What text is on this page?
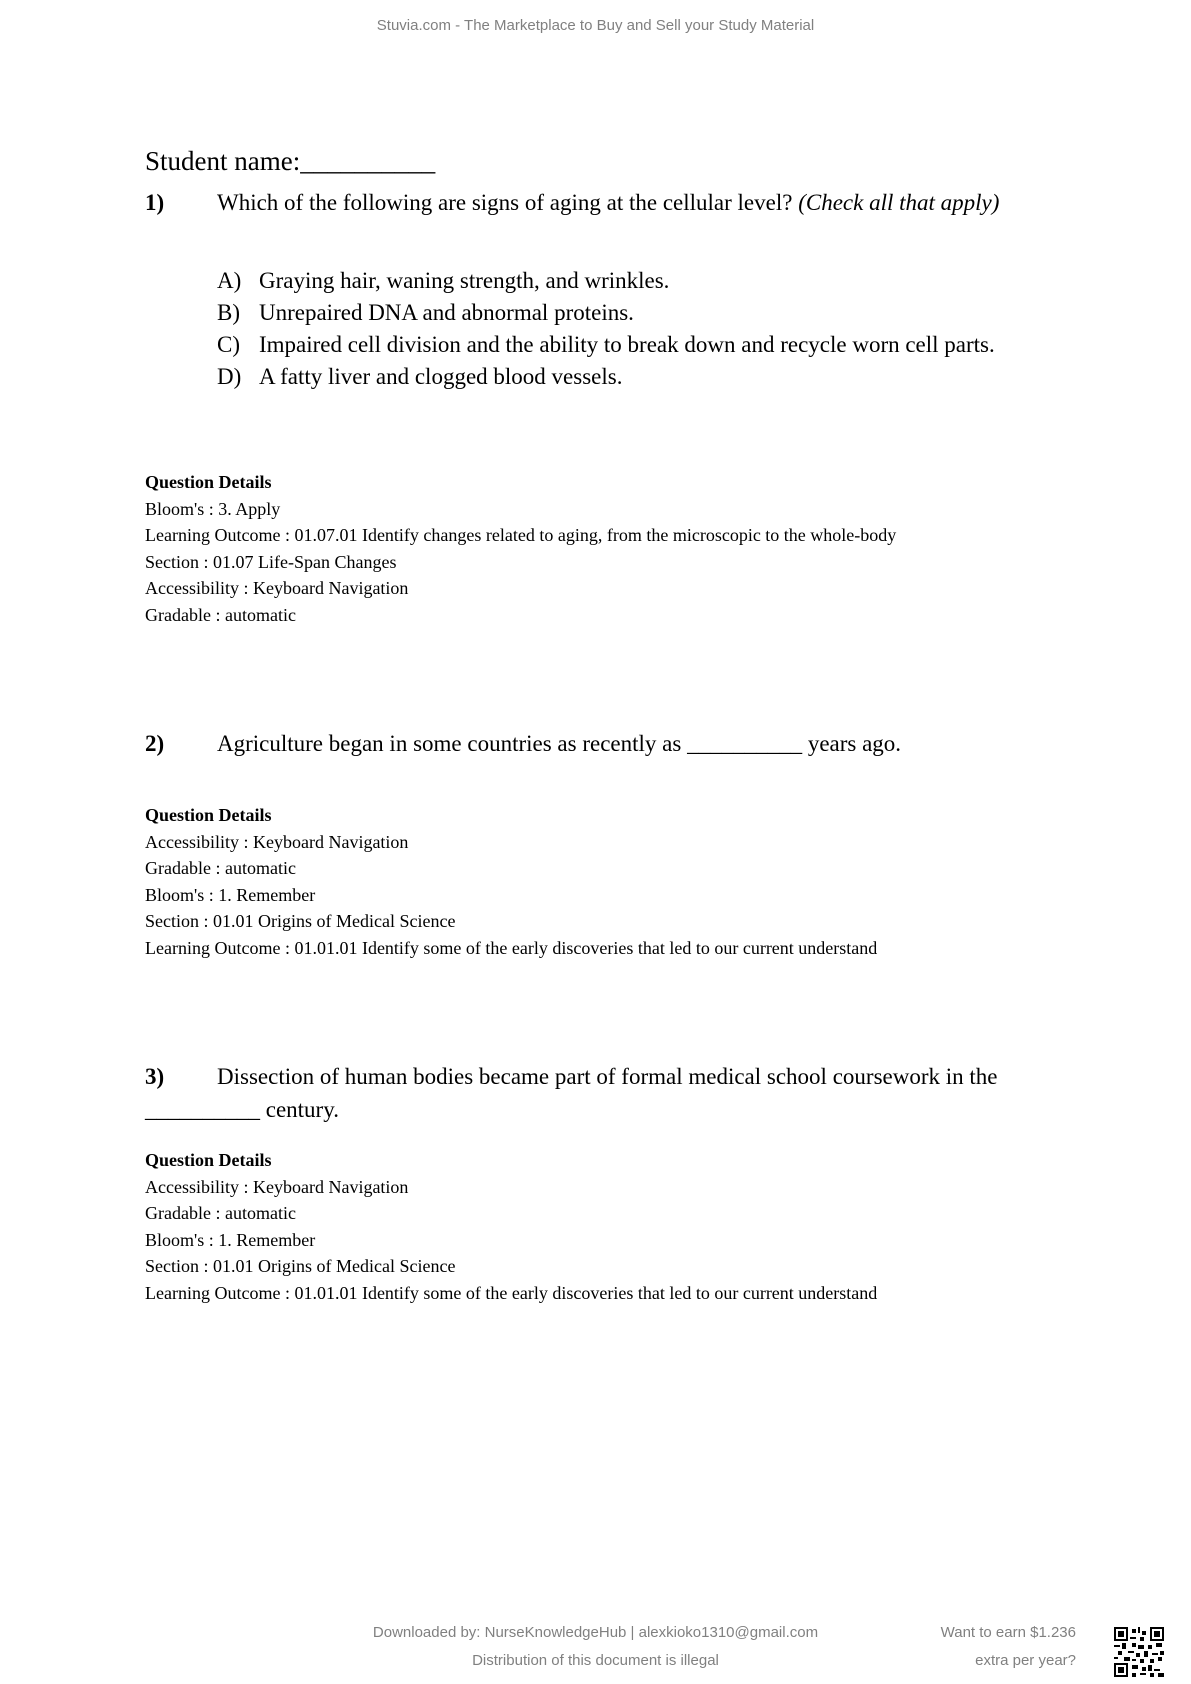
Stuvia.com - The Marketplace to Buy and Sell your Study Material
Student name:__________
1) Which of the following are signs of aging at the cellular level? (Check all that apply)
A) Graying hair, waning strength, and wrinkles.
B) Unrepaired DNA and abnormal proteins.
C) Impaired cell division and the ability to break down and recycle worn cell parts.
D) A fatty liver and clogged blood vessels.
Question Details
Bloom's : 3. Apply
Learning Outcome : 01.07.01 Identify changes related to aging, from the microscopic to the whole-body
Section : 01.07 Life-Span Changes
Accessibility : Keyboard Navigation
Gradable : automatic
2) Agriculture began in some countries as recently as __________ years ago.
Question Details
Accessibility : Keyboard Navigation
Gradable : automatic
Bloom's : 1. Remember
Section : 01.01 Origins of Medical Science
Learning Outcome : 01.01.01 Identify some of the early discoveries that led to our current understand
3)	Dissection of human bodies became part of formal medical school coursework in the __________ century.
Question Details
Accessibility : Keyboard Navigation
Gradable : automatic
Bloom's : 1. Remember
Section : 01.01 Origins of Medical Science
Learning Outcome : 01.01.01 Identify some of the early discoveries that led to our current understand
Downloaded by: NurseKnowledgeHub | alexkioko1310@gmail.com
Distribution of this document is illegal
Want to earn $1.236
extra per year?
